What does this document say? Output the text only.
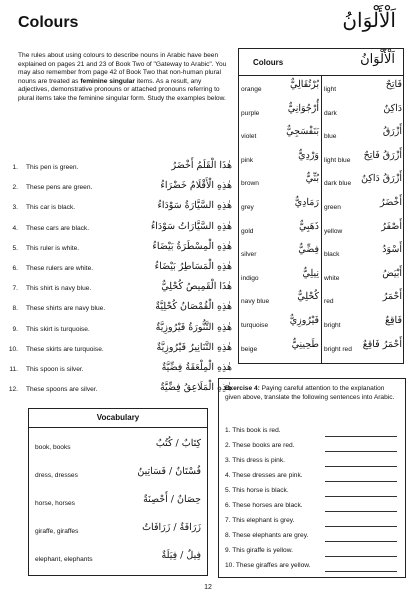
Colours	اَلْأَلْوَانُ
The rules about using colours to describe nouns in Arabic have been explained on pages 21 and 23 of Book Two of "Gateway to Arabic". You may also remember from page 42 of Book Two that non-human plural nouns are treated as feminine singular items. As a result, any adjectives, demonstrative pronouns or attached pronouns referring to plural items take the feminine singular form. Study the examples below.
1. This pen is green.	هٰذَا الْقَلَمُ أَخْضَرُ
2. These pens are green.	هٰذِهِ الْأَقْلَامُ خَضْرَاءُ
3. This car is black.	هٰذِهِ السَّيَّارَةُ سَوْدَاءُ
4. These cars are black.	هٰذِهِ السَّيَّارَاتُ سَوْدَاءُ
5. This ruler is white.	هٰذِهِ الْمِسْطَرَةُ بَيْضَاءُ
6. These rulers are white.	هٰذِهِ الْمَسَاطِرُ بَيْضَاءُ
7. This shirt is navy blue.	هٰذَا الْقَمِيصُ كُحْلِيٌّ
8. These shirts are navy blue.	هٰذِهِ الْقُمْصَانُ كُحْلِيَّةٌ
9. This skirt is turquoise.	هٰذِهِ التَّنُّورَةُ فَيْرُوزِيَّةٌ
10. These skirts are turquoise.	هٰذِهِ التَّنَانِيرُ فَيْرُوزِيَّةٌ
11. This spoon is silver.	هٰذِهِ الْمِلْعَقَةُ فِضِّيَّةٌ
12. These spoons are silver.	هٰذِهِ الْمَلَاعِقُ فِضِّيَّةٌ
Colours	اَلْأَلْوَانُ
orange	بُرْتُقَالِيٌّ
purple	أُرْجُوَانِيٌّ
violet	بَنَفْسَجِيٌّ
pink	وَرْدِيٌّ
brown	بُنِّيٌّ
grey	رَمَادِيٌّ
gold	ذَهَبِيٌّ
silver	فِضِّيٌّ
indigo	نِيلِيٌّ
navy blue	كُحْلِيٌّ
turquoise فَيْرُوزِيٌّ
beige	طَحِينِيٌّ
light	فَاتِحٌ
dark	دَاكِنٌ
blue	أَزْرَقُ
light blue أَزْرَقُ فَاتِحٌ
dark blue أَزْرَقُ دَاكِنٌ
green	أَخْضَرُ
yellow	أَصْفَرُ
black	أَسْوَدُ
white	أَبْيَضُ
red	أَحْمَرُ
bright	فَاقِعٌ
bright red أَحْمَرُ فَاقِعٌ
Vocabulary
book, books	كِتَابٌ / كُتُبٌ
dress, dresses	فُسْتَانٌ / فَسَاتِينُ
horse, horses	حِصَانٌ / أَحْصِنَةٌ
giraffe, giraffes	زَرَافَةٌ / زَرَافَاتٌ
elephant, elephants	فِيلٌ / فِيَلَةٌ
Exercise 4: Paying careful attention to the explanation given above, translate the following sentences into Arabic.
1. This book is red.
2. These books are red.
3. This dress is pink.
4. These dresses are pink.
5. This horse is black.
6. These horses are black.
7. This elephant is grey.
8. These elephants are grey.
9. This giraffe is yellow.
10. These giraffes are yellow.
12
